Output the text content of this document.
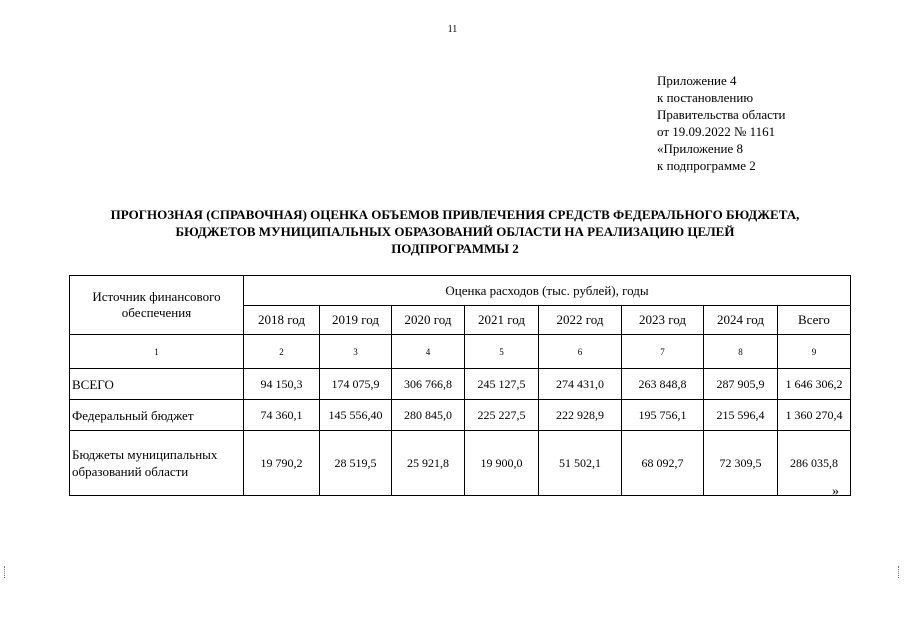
11
Приложение 4
к постановлению
Правительства области
от 19.09.2022 № 1161
«Приложение 8
к подпрограмме 2
ПРОГНОЗНАЯ (СПРАВОЧНАЯ) ОЦЕНКА ОБЪЕМОВ ПРИВЛЕЧЕНИЯ СРЕДСТВ ФЕДЕРАЛЬНОГО БЮДЖЕТА,
БЮДЖЕТОВ МУНИЦИПАЛЬНЫХ ОБРАЗОВАНИЙ ОБЛАСТИ НА РЕАЛИЗАЦИЮ ЦЕЛЕЙ
ПОДПРОГРАММЫ 2
Источник финансового обеспечения	Оценка расходов (тыс. рублей), годы							
	2018 год	2019 год	2020 год	2021 год	2022 год	2023 год	2024 год	Всего
1	2	3	4	5	6	7	8	9
ВСЕГО	94 150,3	174 075,9	306 766,8	245 127,5	274 431,0	263 848,8	287 905,9	1 646 306,2
Федеральный бюджет	74 360,1	145 556,40	280 845,0	225 227,5	222 928,9	195 756,1	215 596,4	1 360 270,4
Бюджеты муниципальных образований области	19 790,2	28 519,5	25 921,8	19 900,0	51 502,1	68 092,7	72 309,5	286 035,8
»
